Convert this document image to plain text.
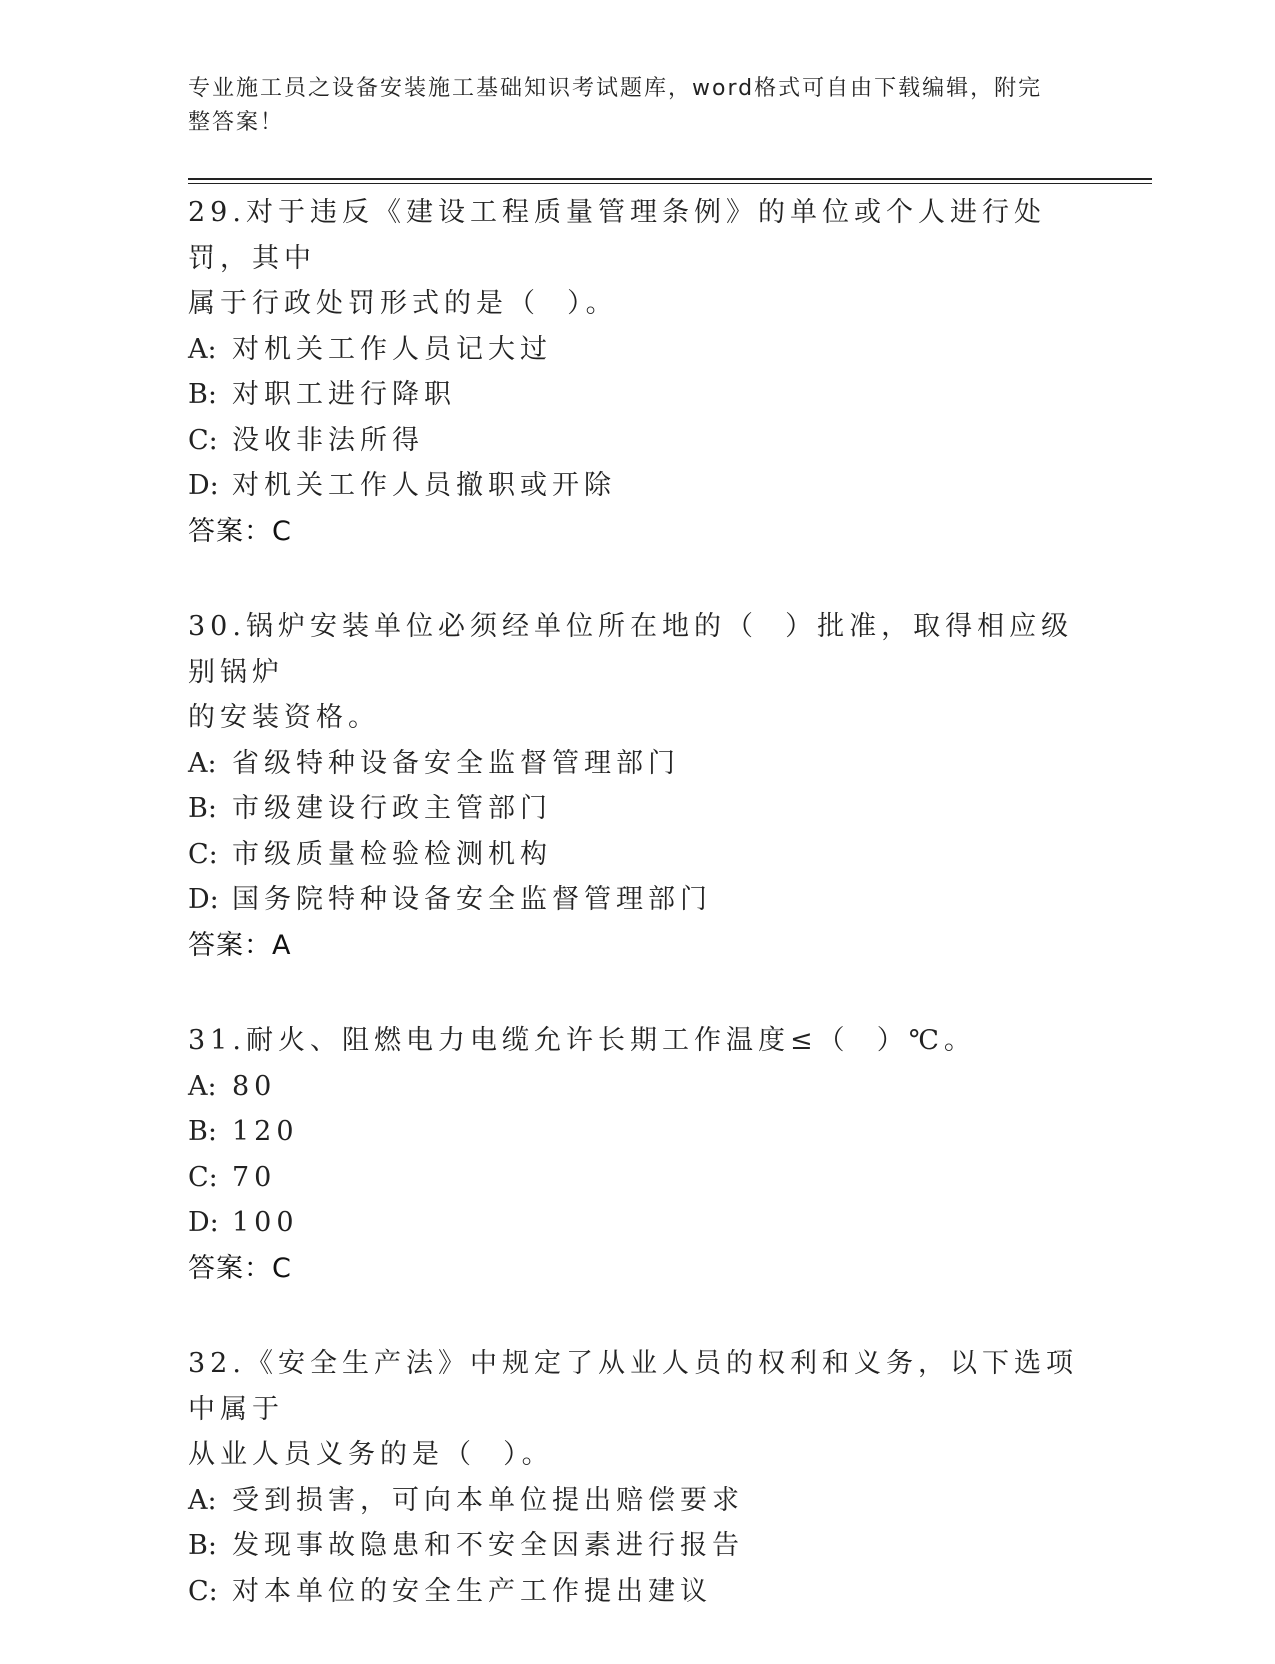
专业施工员之设备安装施工基础知识考试题库，word格式可自由下载编辑，附完
整答案！
29.对于违反《建设工程质量管理条例》的单位或个人进行处罚，其中
属于行政处罚形式的是（  ）。
A: 对机关工作人员记大过
B: 对职工进行降职
C: 没收非法所得
D: 对机关工作人员撤职或开除
答案：C
30.锅炉安装单位必须经单位所在地的（  ）批准，取得相应级别锅炉
的安装资格。
A: 省级特种设备安全监督管理部门
B: 市级建设行政主管部门
C: 市级质量检验检测机构
D: 国务院特种设备安全监督管理部门
答案：A
31.耐火、阻燃电力电缆允许长期工作温度≤（  ）℃。
A: 80
B: 120
C: 70
D: 100
答案：C
32.《安全生产法》中规定了从业人员的权利和义务，以下选项中属于
从业人员义务的是（  ）。
A: 受到损害，可向本单位提出赔偿要求
B: 发现事故隐患和不安全因素进行报告
C: 对本单位的安全生产工作提出建议
